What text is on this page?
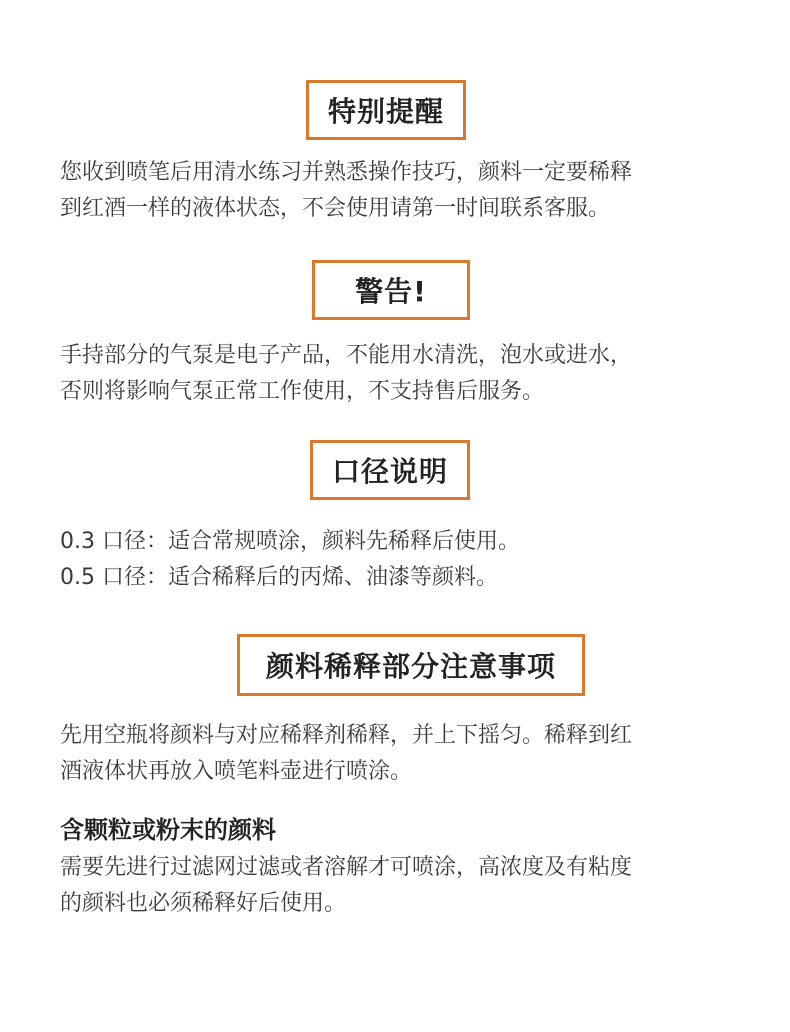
特别提醒

您收到喷笔后用清水练习并熟悉操作技巧，颜料一定要稀释
到红酒一样的液体状态，不会使用请第一时间联系客服。

警告!

手持部分的气泵是电子产品，不能用水清洗，泡水或进水，
否则将影响气泵正常工作使用，不支持售后服务。

口径说明

0.3 口径：适合常规喷涂，颜料先稀释后使用。
0.5 口径：适合稀释后的丙烯、油漆等颜料。

颜料稀释部分注意事项

先用空瓶将颜料与对应稀释剂稀释，并上下摇匀。稀释到红
酒液体状再放入喷笔料壶进行喷涂。

含颗粒或粉末的颜料

需要先进行过滤网过滤或者溶解才可喷涂，高浓度及有粘度
的颜料也必须稀释好后使用。
